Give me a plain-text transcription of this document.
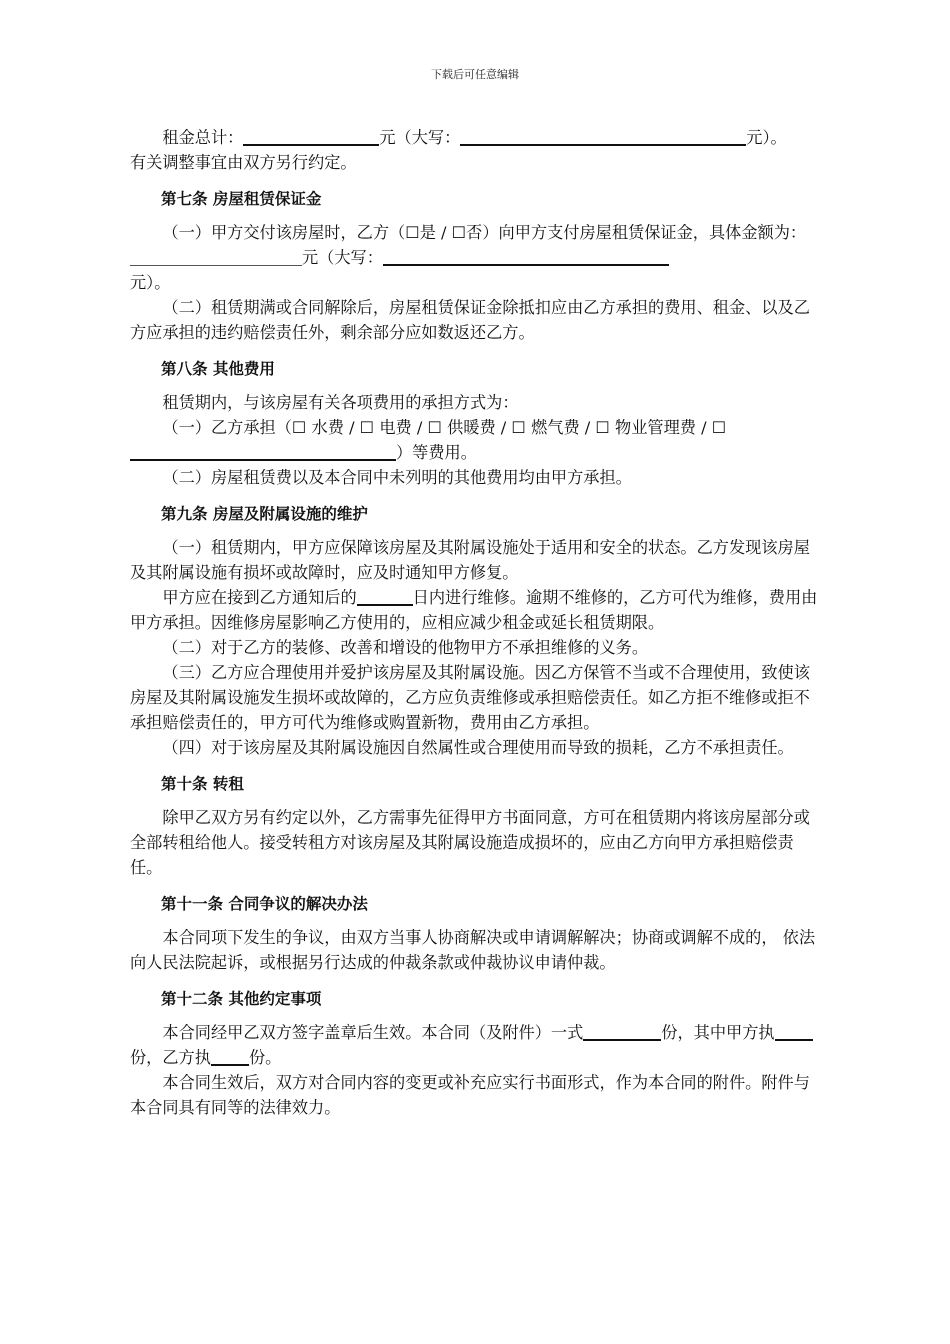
下载后可任意编辑

租金总计：	元（大写：	元）。

有关调整事宜由双方另行约定。

第七条 房屋租赁保证金

（一）甲方交付该房屋时，乙方（☐是 / ☐否）向甲方支付房屋租赁保证金，具体金额为：元（大写：
元）。

（二）租赁期满或合同解除后，房屋租赁保证金除抵扣应由乙方承担的费用、租金、以及乙方应承担的违约赔偿责任外，剩余部分应如数返还乙方。

第八条 其他费用

租赁期内，与该房屋有关各项费用的承担方式为：

（一）乙方承担（☐ 水费 / ☐ 电费 / ☐ 供暖费 / ☐ 燃气费 / ☐ 物业管理费 / ☐）等费用。

（二）房屋租赁费以及本合同中未列明的其他费用均由甲方承担。

第九条 房屋及附属设施的维护

（一）租赁期内，甲方应保障该房屋及其附属设施处于适用和安全的状态。乙方发现该房屋及其附属设施有损坏或故障时，应及时通知甲方修复。

甲方应在接到乙方通知后的	日内进行维修。逾期不维修的，乙方可代为维修，费用由甲方承担。因维修房屋影响乙方使用的，应相应减少租金或延长租赁期限。

（二）对于乙方的装修、改善和增设的他物甲方不承担维修的义务。

（三）乙方应合理使用并爱护该房屋及其附属设施。因乙方保管不当或不合理使用，致使该房屋及其附属设施发生损坏或故障的，乙方应负责维修或承担赔偿责任。如乙方拒不维修或拒不承担赔偿责任的，甲方可代为维修或购置新物，费用由乙方承担。

（四）对于该房屋及其附属设施因自然属性或合理使用而导致的损耗，乙方不承担责任。

第十条 转租

除甲乙双方另有约定以外，乙方需事先征得甲方书面同意，方可在租赁期内将该房屋部分或全部转租给他人。接受转租方对该房屋及其附属设施造成损坏的，应由乙方向甲方承担赔偿责任。

第十一条 合同争议的解决办法

本合同项下发生的争议，由双方当事人协商解决或申请调解解决；协商或调解不成的， 依法向人民法院起诉，或根据另行达成的仲裁条款或仲裁协议申请仲裁。

第十二条 其他约定事项

本合同经甲乙双方签字盖章后生效。本合同（及附件）一式	份，其中甲方执份，乙方执 份。

本合同生效后，双方对合同内容的变更或补充应实行书面形式，作为本合同的附件。附件与本合同具有同等的法律效力。
